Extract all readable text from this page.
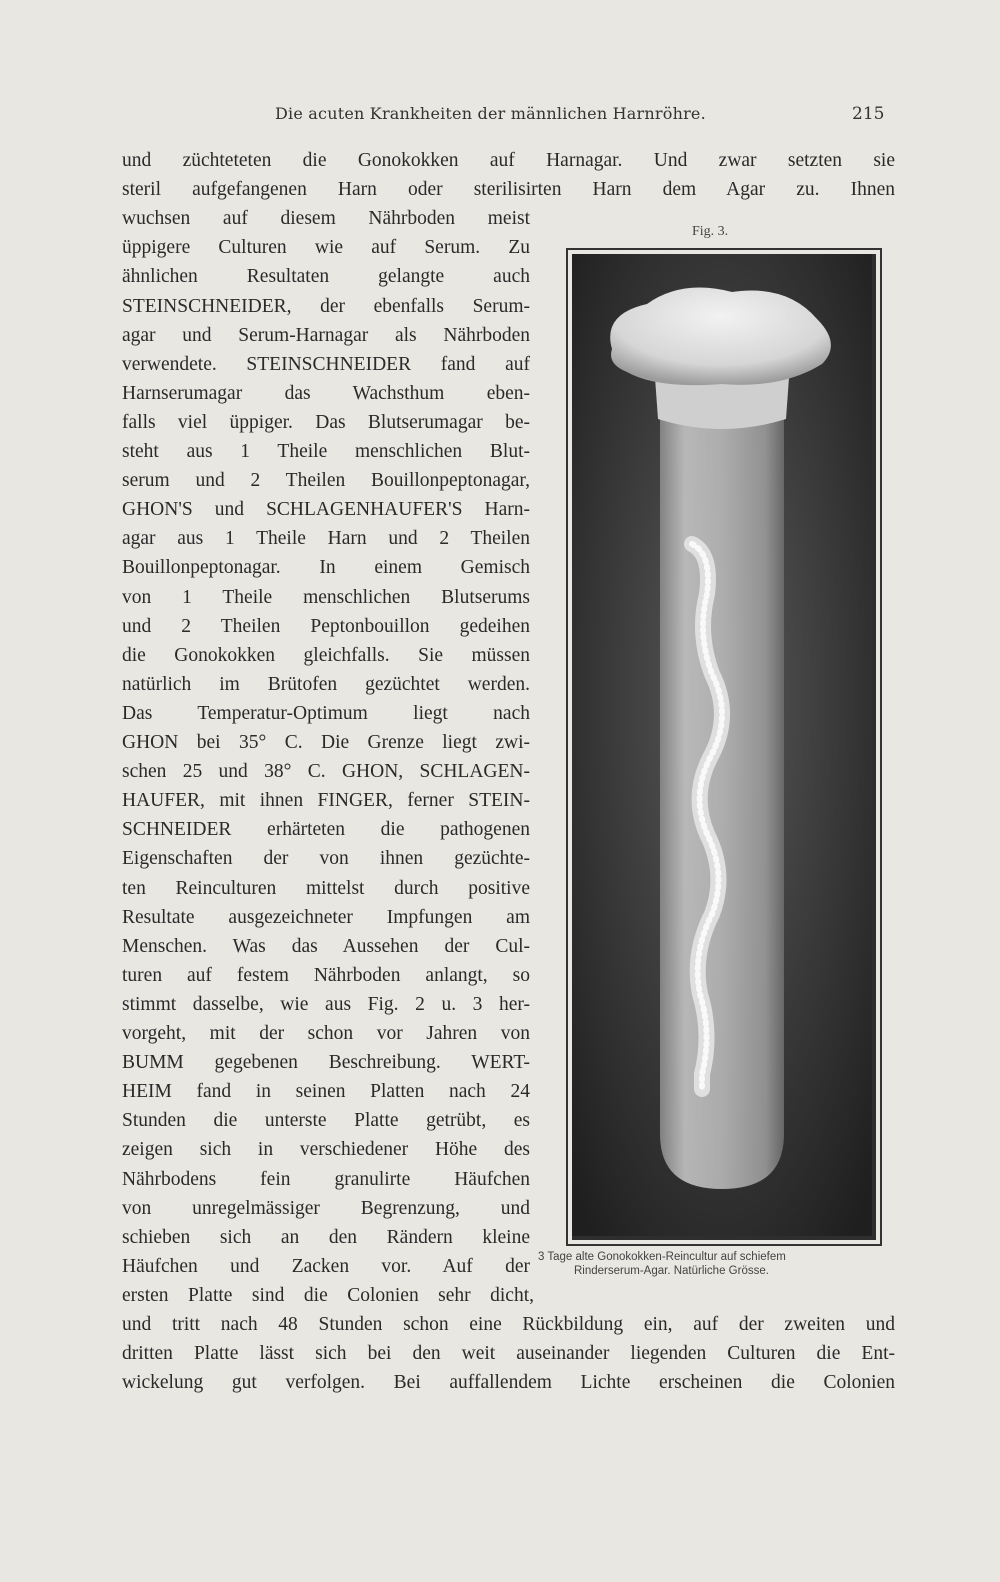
Die acuten Krankheiten der männlichen Harnröhre.	215

und züchteteten die Gonokokken auf Harnagar. Und zwar setzten sie

steril aufgefangenen Harn oder sterilisirten Harn dem Agar zu. Ihnen

wuchsen auf diesem Nährboden meist

üppigere Culturen wie auf Serum. Zu

ähnlichen Resultaten gelangte auch

STEINSCHNEIDER, der ebenfalls Serum-

agar und Serum-Harnagar als Nährboden

verwendete. STEINSCHNEIDER fand auf

Harnserumagar das Wachsthum eben-

falls viel üppiger. Das Blutserumagar be-

steht aus 1 Theile menschlichen Blut-

serum und 2 Theilen Bouillonpeptonagar,

GHON'S und SCHLAGENHAUFER'S Harn-

agar aus 1 Theile Harn und 2 Theilen

Bouillonpeptonagar. In einem Gemisch

von 1 Theile menschlichen Blutserums

und 2 Theilen Peptonbouillon gedeihen

die Gonokokken gleichfalls. Sie müssen

natürlich im Brütofen gezüchtet werden.

Das Temperatur-Optimum liegt nach

GHON bei 35° C. Die Grenze liegt zwi-

schen 25 und 38° C. GHON, SCHLAGEN-

HAUFER, mit ihnen FINGER, ferner STEIN-

SCHNEIDER erhärteten die pathogenen

Eigenschaften der von ihnen gezüchte-

ten Reinculturen mittelst durch positive

Resultate ausgezeichneter Impfungen am

Menschen. Was das Aussehen der Cul-

turen auf festem Nährboden anlangt, so

stimmt dasselbe, wie aus Fig. 2 u. 3 her-

vorgeht, mit der schon vor Jahren von

BUMM gegebenen Beschreibung. WERT-

HEIM fand in seinen Platten nach 24

Stunden die unterste Platte getrübt, es

zeigen sich in verschiedener Höhe des

Nährbodens fein granulirte Häufchen

von unregelmässiger Begrenzung, und

schieben sich an den Rändern kleine

Häufchen und Zacken vor. Auf der

ersten Platte sind die Colonien sehr dicht,

und tritt nach 48 Stunden schon eine Rückbildung ein, auf der zweiten und

dritten Platte lässt sich bei den weit auseinander liegenden Culturen die Ent-

wickelung gut verfolgen. Bei auffallendem Lichte erscheinen die Colonien

Fig. 3.
3 Tage alte Gonokokken-Reincultur auf schiefem
Rinderserum-Agar. Natürliche Grösse.
